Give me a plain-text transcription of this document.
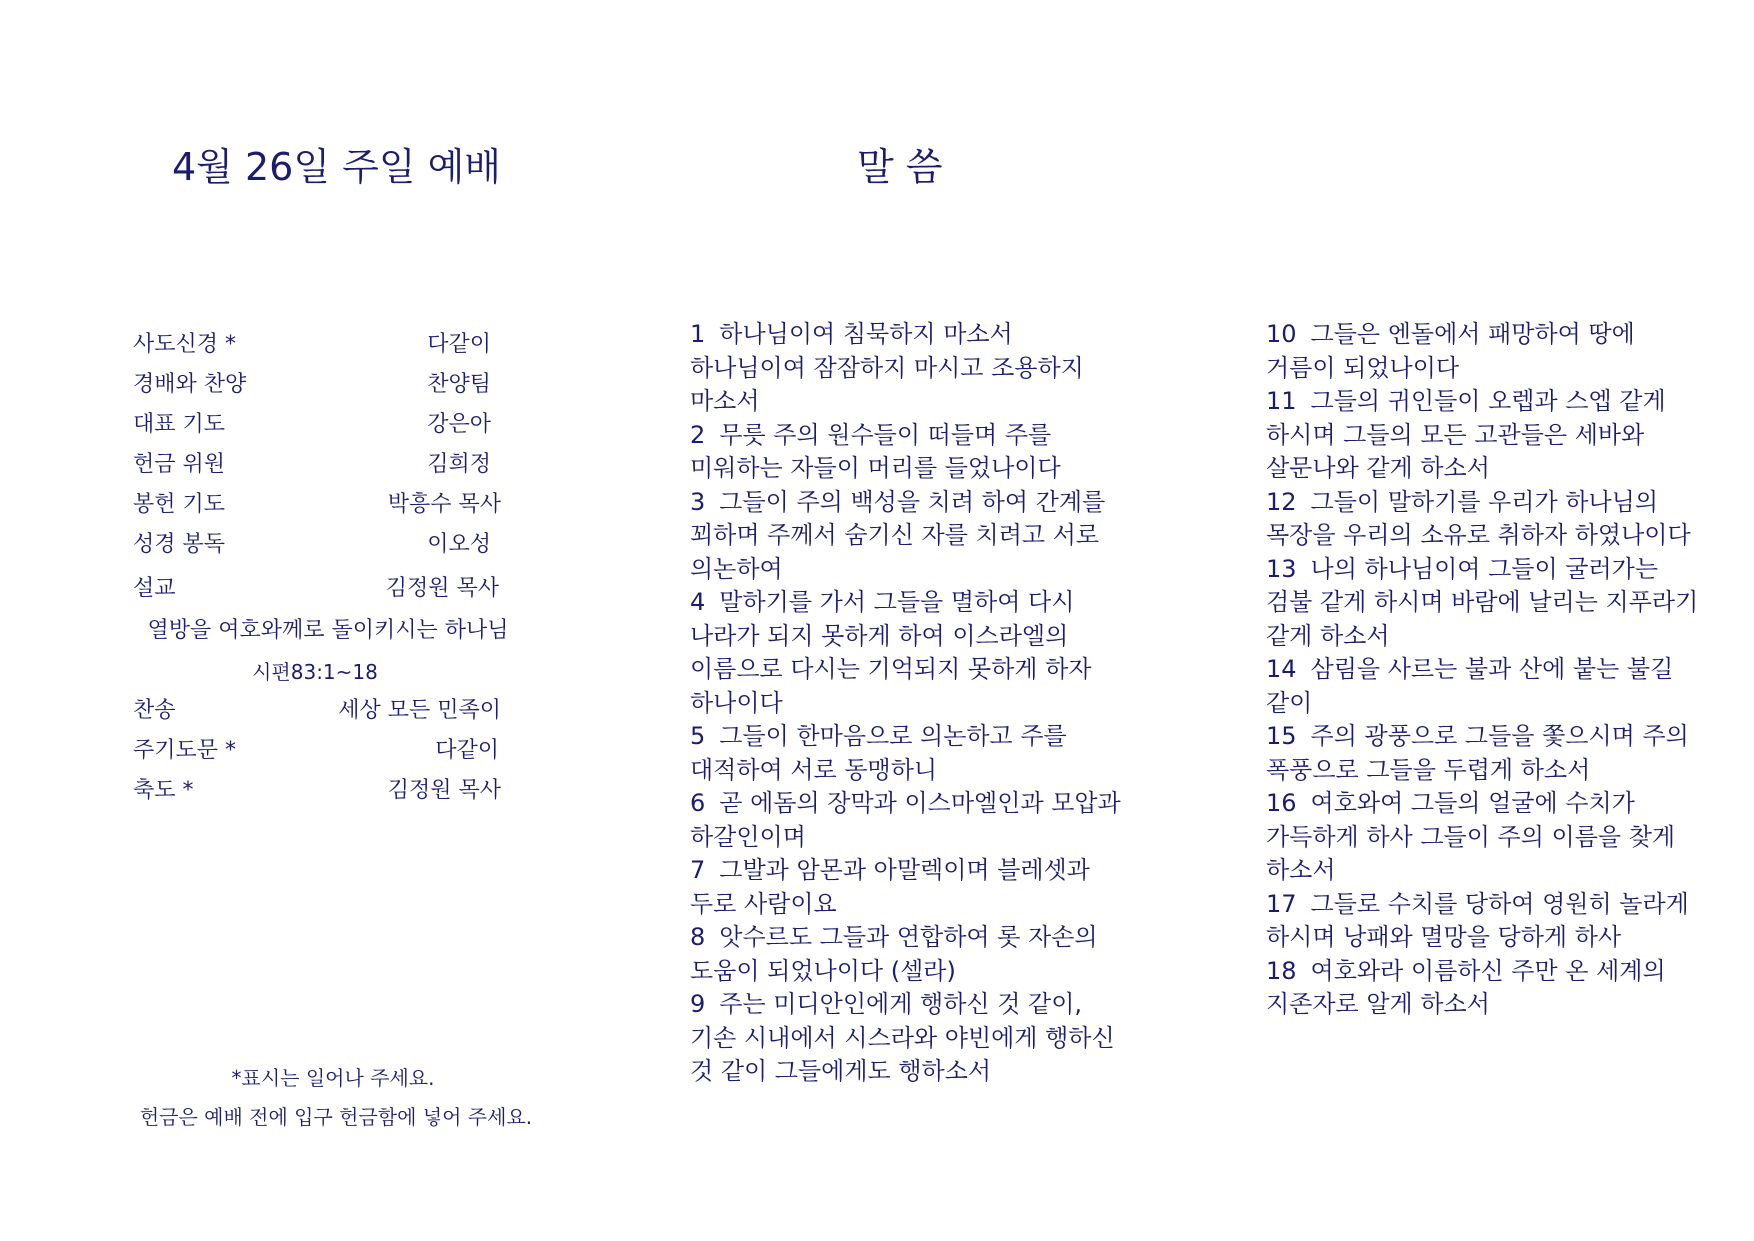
4월 26일 주일 예배	말 씀
사도신경 *	다같이
경배와 찬양	찬양팀
대표 기도	강은아
헌금 위원	김희정
봉헌 기도	박흥수 목사
성경 봉독	이오성
설교	김정원 목사
열방을 여호와께로 돌이키시는 하나님
시편83:1~18
찬송	세상 모든 민족이
주기도문 *	다같이
축도 *	김정원 목사
*표시는 일어나 주세요.
헌금은 예배 전에 입구 헌금함에 넣어 주세요.
1 하나님이여 침묵하지 마소서
하나님이여 잠잠하지 마시고 조용하지
마소서
2 무릇 주의 원수들이 떠들며 주를
미워하는 자들이 머리를 들었나이다
3 그들이 주의 백성을 치려 하여 간계를
꾀하며 주께서 숨기신 자를 치려고 서로
의논하여
4 말하기를 가서 그들을 멸하여 다시
나라가 되지 못하게 하여 이스라엘의
이름으로 다시는 기억되지 못하게 하자
하나이다
5 그들이 한마음으로 의논하고 주를
대적하여 서로 동맹하니
6 곧 에돔의 장막과 이스마엘인과 모압과
하갈인이며
7 그발과 암몬과 아말렉이며 블레셋과
두로 사람이요
8 앗수르도 그들과 연합하여 롯 자손의
도움이 되었나이다 (셀라)
9 주는 미디안인에게 행하신 것 같이,
기손 시내에서 시스라와 야빈에게 행하신
것 같이 그들에게도 행하소서
10 그들은 엔돌에서 패망하여 땅에
거름이 되었나이다
11 그들의 귀인들이 오렙과 스엡 같게
하시며 그들의 모든 고관들은 세바와
살문나와 같게 하소서
12 그들이 말하기를 우리가 하나님의
목장을 우리의 소유로 취하자 하였나이다
13 나의 하나님이여 그들이 굴러가는
검불 같게 하시며 바람에 날리는 지푸라기
같게 하소서
14 삼림을 사르는 불과 산에 붙는 불길
같이
15 주의 광풍으로 그들을 쫓으시며 주의
폭풍으로 그들을 두렵게 하소서
16 여호와여 그들의 얼굴에 수치가
가득하게 하사 그들이 주의 이름을 찾게
하소서
17 그들로 수치를 당하여 영원히 놀라게
하시며 낭패와 멸망을 당하게 하사
18 여호와라 이름하신 주만 온 세계의
지존자로 알게 하소서
